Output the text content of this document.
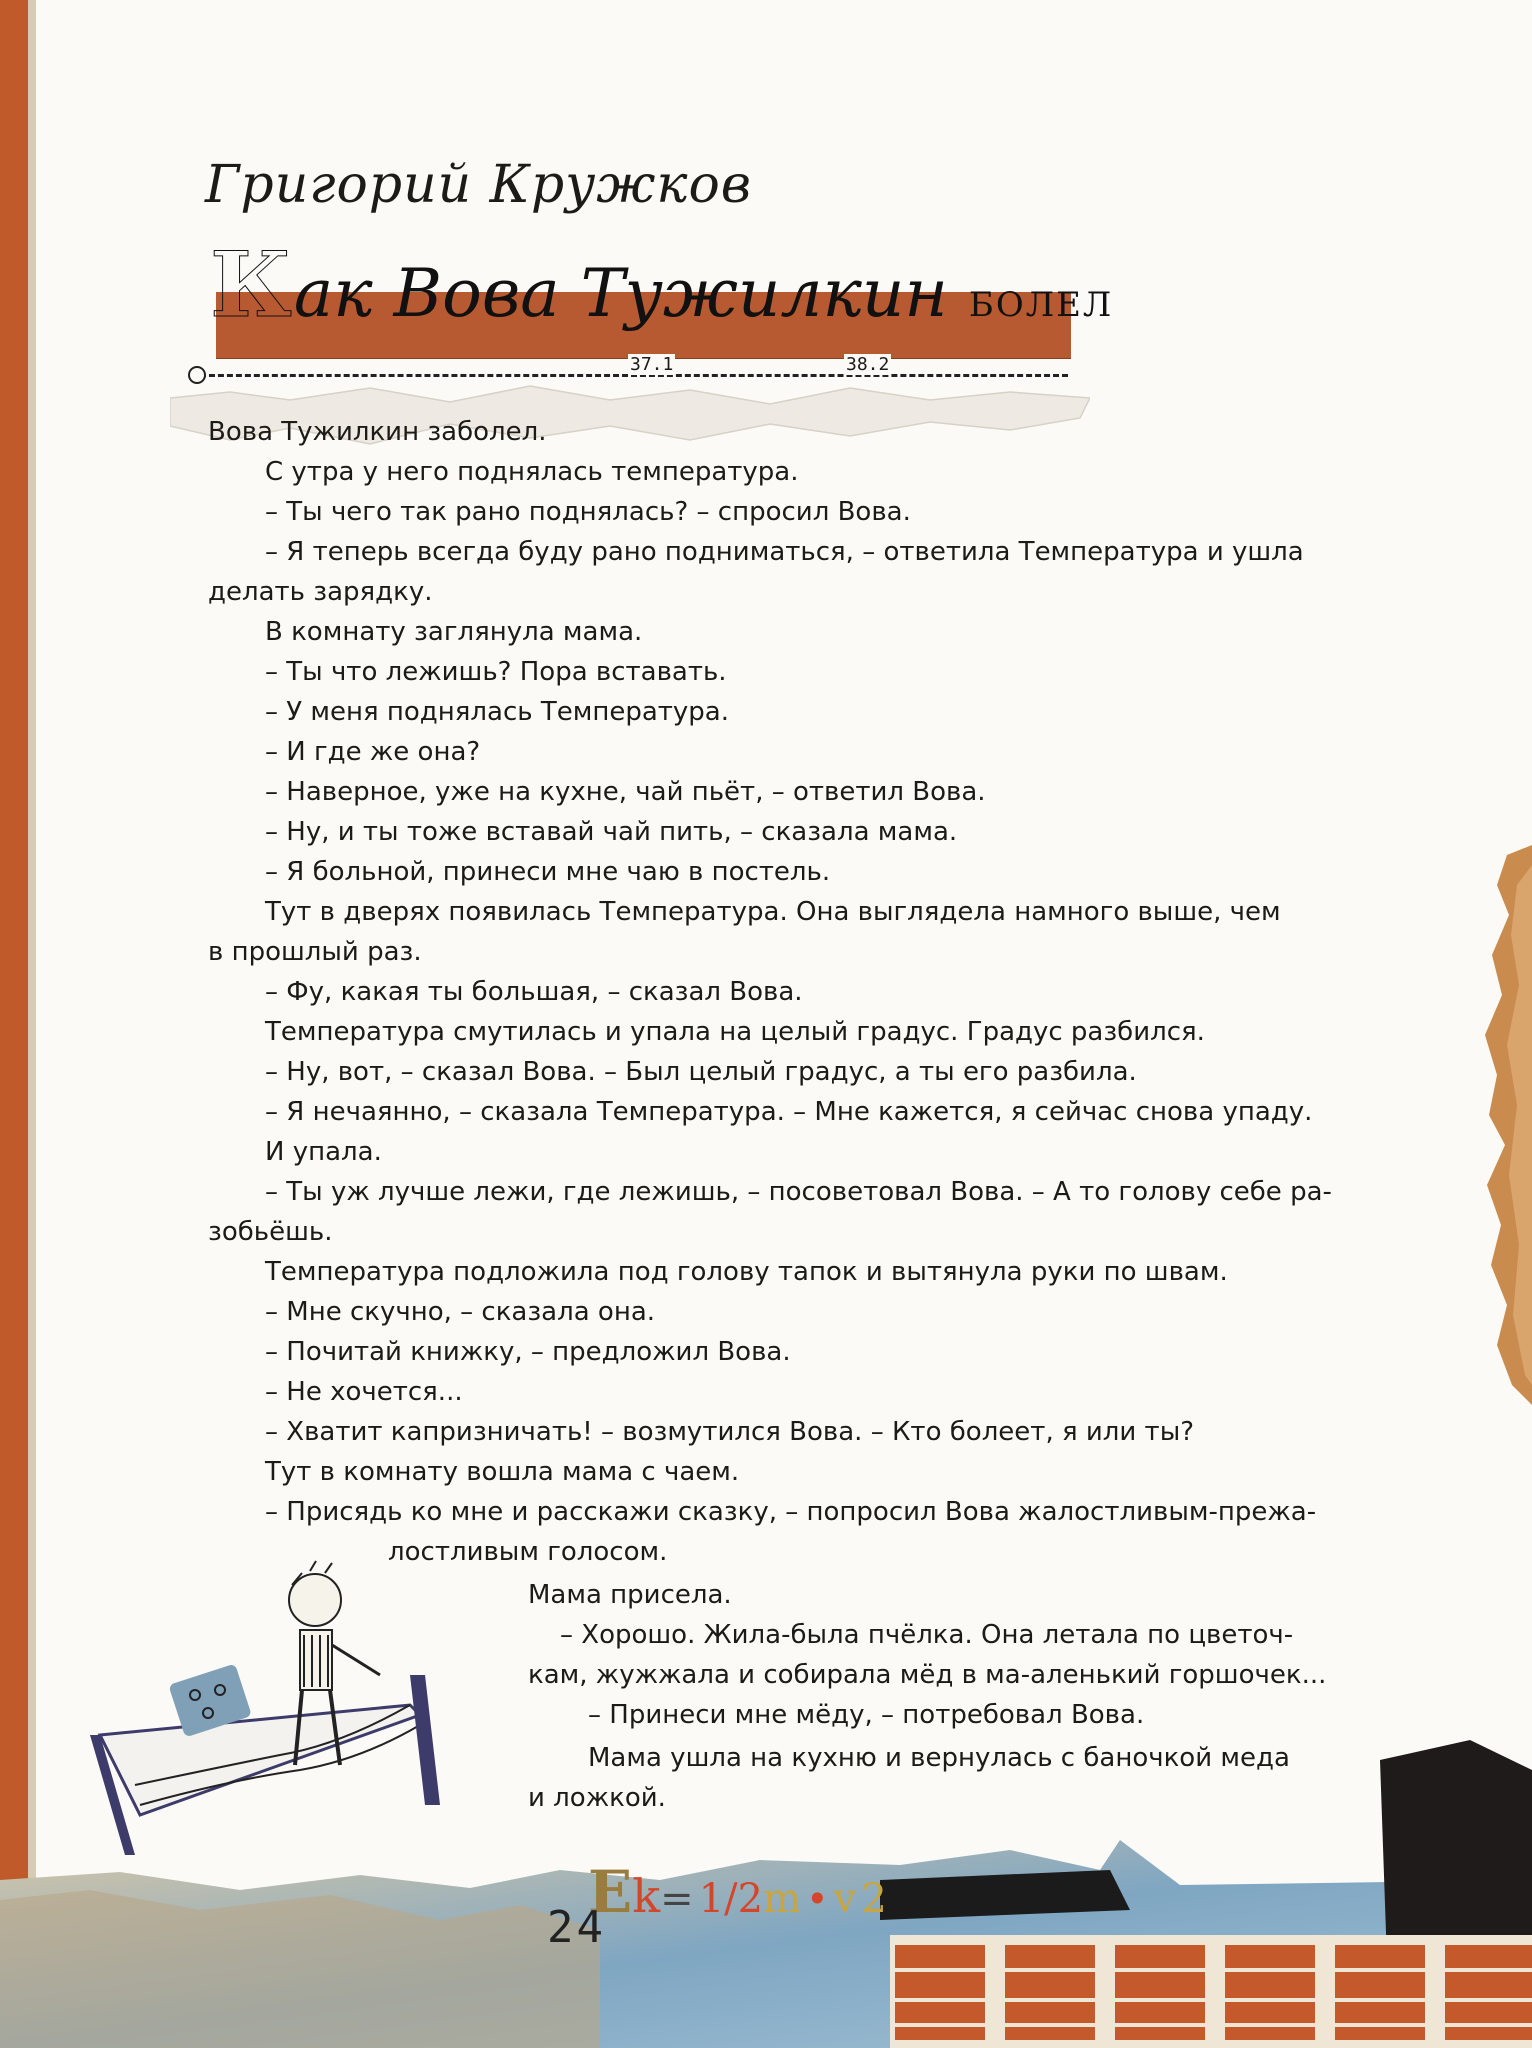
Григорий Кружков
Как Вова Тужилкин БОЛЕЛ
37.1	38.2
Вова Тужилкин заболел.
С утра у него поднялась температура.
– Ты чего так рано поднялась? – спросил Вова.
– Я теперь всегда буду рано подниматься, – ответила Температура и ушла
делать зарядку.
В комнату заглянула мама.
– Ты что лежишь? Пора вставать.
– У меня поднялась Температура.
– И где же она?
– Наверное, уже на кухне, чай пьёт, – ответил Вова.
– Ну, и ты тоже вставай чай пить, – сказала мама.
– Я больной, принеси мне чаю в постель.
Тут в дверях появилась Температура. Она выглядела намного выше, чем
в прошлый раз.
– Фу, какая ты большая, – сказал Вова.
Температура смутилась и упала на целый градус. Градус разбился.
– Ну, вот, – сказал Вова. – Был целый градус, а ты его разбила.
– Я нечаянно, – сказала Температура. – Мне кажется, я сейчас снова упаду.
И упала.
– Ты уж лучше лежи, где лежишь, – посоветовал Вова. – А то голову себе ра-
зобьёшь.
Температура подложила под голову тапок и вытянула руки по швам.
– Мне скучно, – сказала она.
– Почитай книжку, – предложил Вова.
– Не хочется...
– Хватит капризничать! – возмутился Вова. – Кто болеет, я или ты?
Тут в комнату вошла мама с чаем.
– Присядь ко мне и расскажи сказку, – попросил Вова жалостливым-прежа-
лостливым голосом.
Мама присела.
– Хорошо. Жила-была пчёлка. Она летала по цветоч-
кам, жужжала и собирала мёд в ма-аленький горшочек...
– Принеси мне мёду, – потребовал Вова.
Мама ушла на кухню и вернулась с баночкой меда
и ложкой.
Ek= 1/2m • v 2
24
